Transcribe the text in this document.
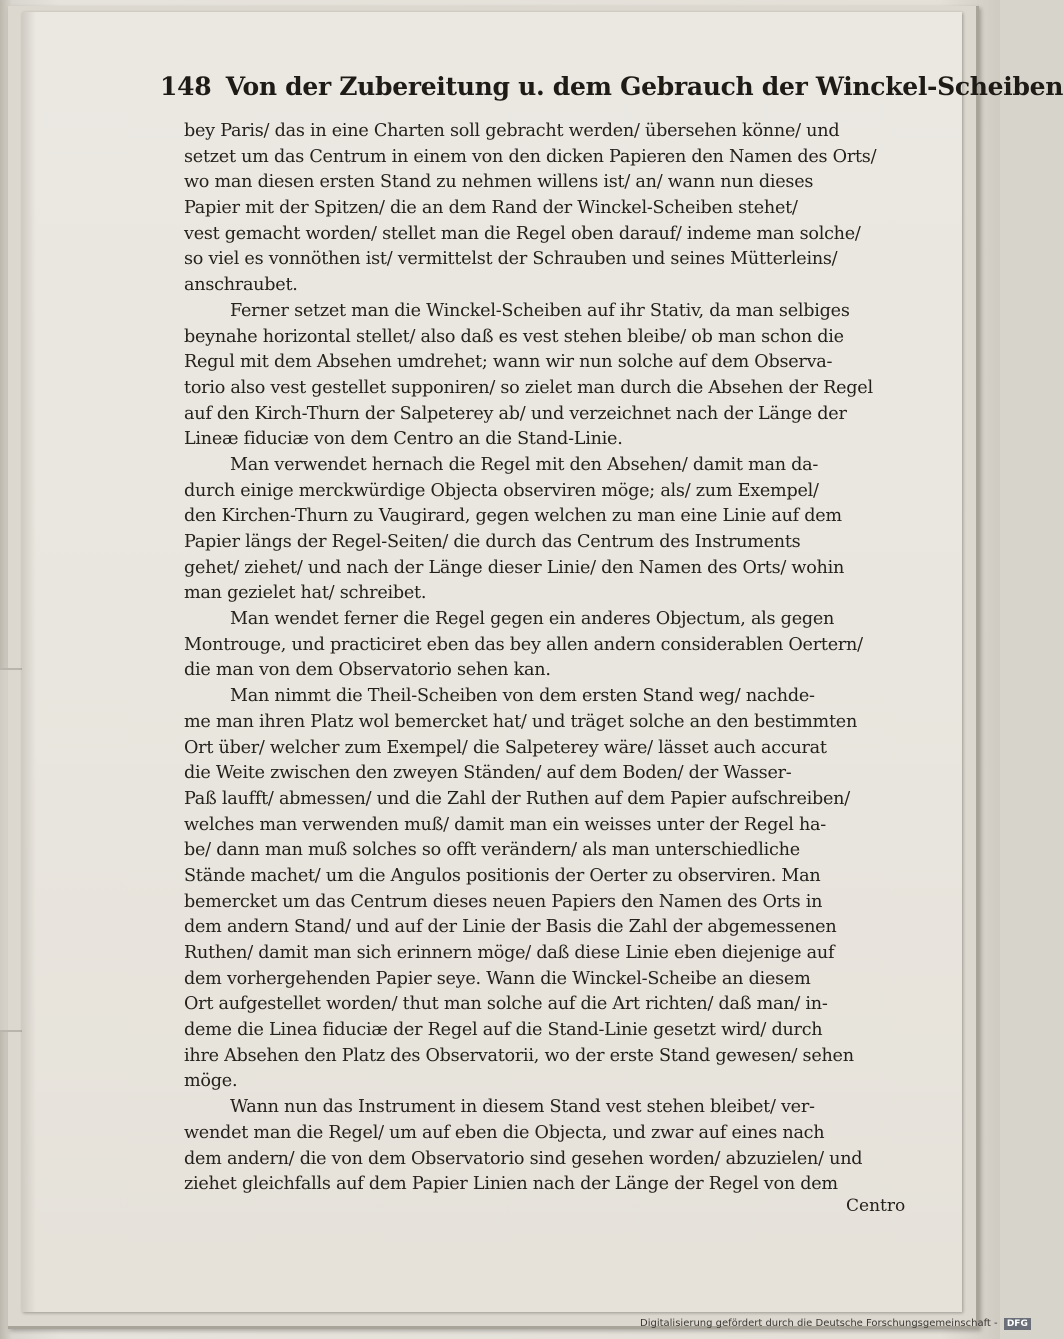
148 Von der Zubereitung u. dem Gebrauch der Winckel-Scheiben
bey Paris/ das in eine Charten soll gebracht werden/ übersehen könne/ und
setzet um das Centrum in einem von den dicken Papieren den Namen des Orts/
wo man diesen ersten Stand zu nehmen willens ist/ an/ wann nun dieses
Papier mit der Spitzen/ die an dem Rand der Winckel-Scheiben stehet/
vest gemacht worden/ stellet man die Regel oben darauf/ indeme man solche/
so viel es vonnöthen ist/ vermittelst der Schrauben und seines Mütterleins/
anschraubet.
Ferner setzet man die Winckel-Scheiben auf ihr Stativ, da man selbiges
beynahe horizontal stellet/ also daß es vest stehen bleibe/ ob man schon die
Regul mit dem Absehen umdrehet; wann wir nun solche auf dem Observa-
torio also vest gestellet supponiren/ so zielet man durch die Absehen der Regel
auf den Kirch-Thurn der Salpeterey ab/ und verzeichnet nach der Länge der
Lineæ fiduciæ von dem Centro an die Stand-Linie.
Man verwendet hernach die Regel mit den Absehen/ damit man da-
durch einige merckwürdige Objecta observiren möge; als/ zum Exempel/
den Kirchen-Thurn zu Vaugirard, gegen welchen zu man eine Linie auf dem
Papier längs der Regel-Seiten/ die durch das Centrum des Instruments
gehet/ ziehet/ und nach der Länge dieser Linie/ den Namen des Orts/ wohin
man gezielet hat/ schreibet.
Man wendet ferner die Regel gegen ein anderes Objectum, als gegen
Montrouge, und practiciret eben das bey allen andern considerablen Oertern/
die man von dem Observatorio sehen kan.
Man nimmt die Theil-Scheiben von dem ersten Stand weg/ nachde-
me man ihren Platz wol bemercket hat/ und träget solche an den bestimmten
Ort über/ welcher zum Exempel/ die Salpeterey wäre/ lässet auch accurat
die Weite zwischen den zweyen Ständen/ auf dem Boden/ der Wasser-
Paß laufft/ abmessen/ und die Zahl der Ruthen auf dem Papier aufschreiben/
welches man verwenden muß/ damit man ein weisses unter der Regel ha-
be/ dann man muß solches so offt verändern/ als man unterschiedliche
Stände machet/ um die Angulos positionis der Oerter zu observiren. Man
bemercket um das Centrum dieses neuen Papiers den Namen des Orts in
dem andern Stand/ und auf der Linie der Basis die Zahl der abgemessenen
Ruthen/ damit man sich erinnern möge/ daß diese Linie eben diejenige auf
dem vorhergehenden Papier seye. Wann die Winckel-Scheibe an diesem
Ort aufgestellet worden/ thut man solche auf die Art richten/ daß man/ in-
deme die Linea fiduciæ der Regel auf die Stand-Linie gesetzt wird/ durch
ihre Absehen den Platz des Observatorii, wo der erste Stand gewesen/ sehen
möge.
Wann nun das Instrument in diesem Stand vest stehen bleibet/ ver-
wendet man die Regel/ um auf eben die Objecta, und zwar auf eines nach
dem andern/ die von dem Observatorio sind gesehen worden/ abzuzielen/ und
ziehet gleichfalls auf dem Papier Linien nach der Länge der Regel von dem
Centro
Digitalisierung gefördert durch die Deutsche Forschungsgemeinschaft - DFG
